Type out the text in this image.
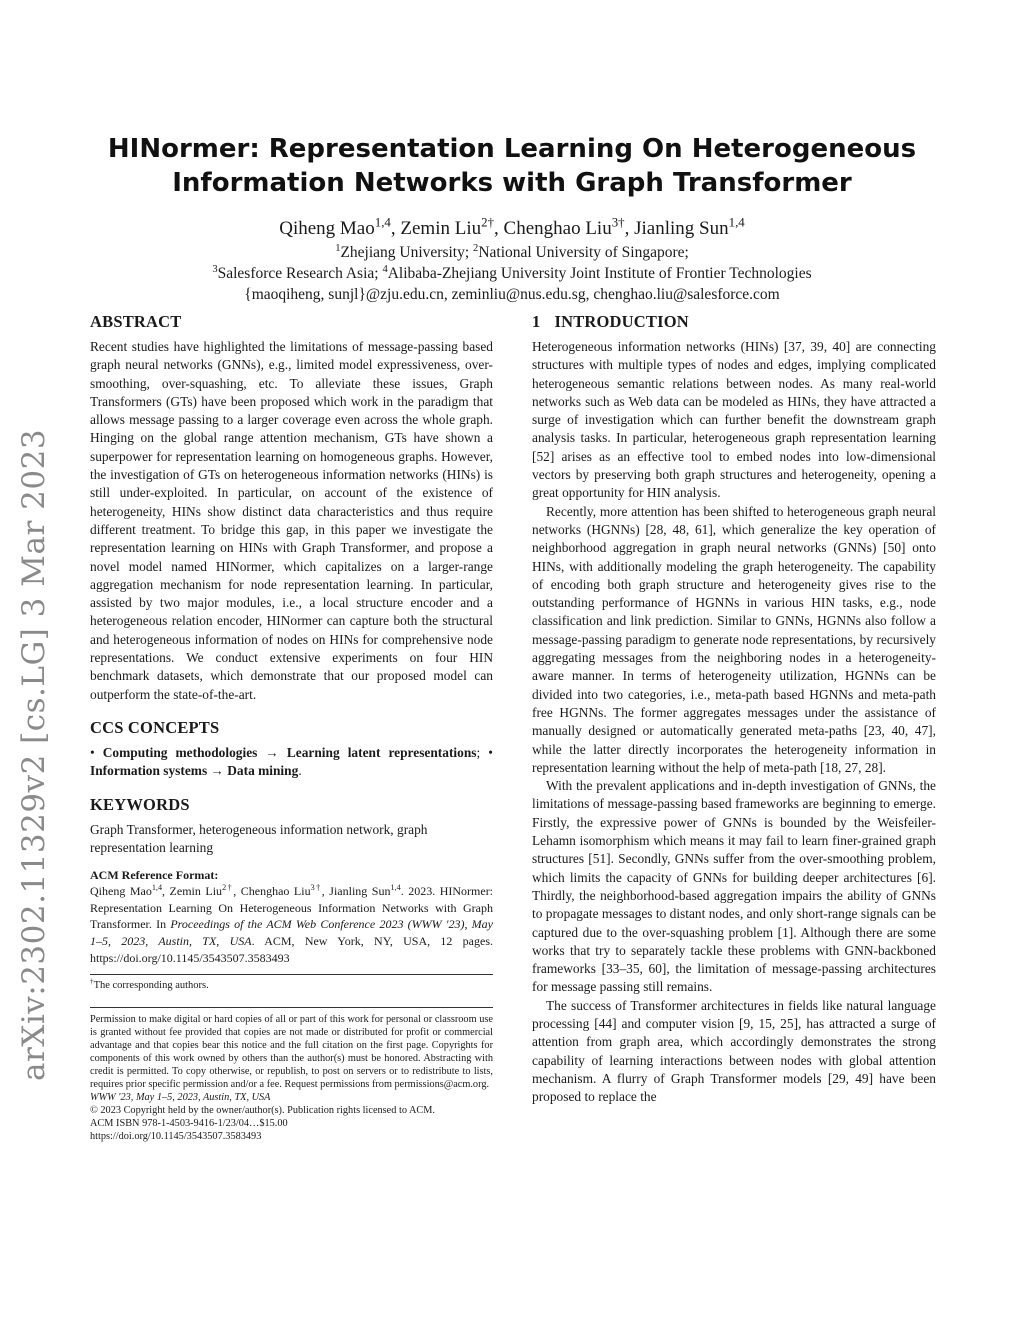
arXiv:2302.11329v2 [cs.LG] 3 Mar 2023
HINormer: Representation Learning On Heterogeneous
Information Networks with Graph Transformer
Qiheng Mao$^{1,4}$, Zemin Liu$^{2\dagger}$, Chenghao Liu$^{3\dagger}$, Jianling Sun$^{1,4}$
$^1$Zhejiang University; $^2$National University of Singapore;
$^3$Salesforce Research Asia; $^4$Alibaba-Zhejiang University Joint Institute of Frontier Technologies
{maoqiheng, sunjl}@zju.edu.cn, zeminliu@nus.edu.sg, chenghao.liu@salesforce.com
ABSTRACT

Recent studies have highlighted the limitations of message-passing based graph neural networks (GNNs), e.g., limited model expressiveness, over-smoothing, over-squashing, etc. To alleviate these issues, Graph Transformers (GTs) have been proposed which work in the paradigm that allows message passing to a larger coverage even across the whole graph. Hinging on the global range attention mechanism, GTs have shown a superpower for representation learning on homogeneous graphs. However, the investigation of GTs on heterogeneous information networks (HINs) is still under-exploited. In particular, on account of the existence of heterogeneity, HINs show distinct data characteristics and thus require different treatment. To bridge this gap, in this paper we investigate the representation learning on HINs with Graph Transformer, and propose a novel model named HINormer, which capitalizes on a larger-range aggregation mechanism for node representation learning. In particular, assisted by two major modules, i.e., a local structure encoder and a heterogeneous relation encoder, HINormer can capture both the structural and heterogeneous information of nodes on HINs for comprehensive node representations. We conduct extensive experiments on four HIN benchmark datasets, which demonstrate that our proposed model can outperform the state-of-the-art.

CCS CONCEPTS

• Computing methodologies → Learning latent representations; • Information systems → Data mining.

KEYWORDS

Graph Transformer, heterogeneous information network, graph representation learning

ACM Reference Format:

Qiheng Mao$^{1,4}$, Zemin Liu$^{2\dagger}$, Chenghao Liu$^{3\dagger}$, Jianling Sun$^{1,4}$. 2023. HINormer: Representation Learning On Heterogeneous Information Networks with Graph Transformer. In Proceedings of the ACM Web Conference 2023 (WWW '23), May 1–5, 2023, Austin, TX, USA. ACM, New York, NY, USA, 12 pages. https://doi.org/10.1145/3543507.3583493

†The corresponding authors.

Permission to make digital or hard copies of all or part of this work for personal or classroom use is granted without fee provided that copies are not made or distributed for profit or commercial advantage and that copies bear this notice and the full citation on the first page. Copyrights for components of this work owned by others than the author(s) must be honored. Abstracting with credit is permitted. To copy otherwise, or republish, to post on servers or to redistribute to lists, requires prior specific permission and/or a fee. Request permissions from permissions@acm.org.

WWW '23, May 1–5, 2023, Austin, TX, USA

© 2023 Copyright held by the owner/author(s). Publication rights licensed to ACM.

ACM ISBN 978-1-4503-9416-1/23/04…$15.00

https://doi.org/10.1145/3543507.3583493

1 INTRODUCTION

Heterogeneous information networks (HINs) [37, 39, 40] are connecting structures with multiple types of nodes and edges, implying complicated heterogeneous semantic relations between nodes. As many real-world networks such as Web data can be modeled as HINs, they have attracted a surge of investigation which can further benefit the downstream graph analysis tasks. In particular, heterogeneous graph representation learning [52] arises as an effective tool to embed nodes into low-dimensional vectors by preserving both graph structures and heterogeneity, opening a great opportunity for HIN analysis.

Recently, more attention has been shifted to heterogeneous graph neural networks (HGNNs) [28, 48, 61], which generalize the key operation of neighborhood aggregation in graph neural networks (GNNs) [50] onto HINs, with additionally modeling the graph heterogeneity. The capability of encoding both graph structure and heterogeneity gives rise to the outstanding performance of HGNNs in various HIN tasks, e.g., node classification and link prediction. Similar to GNNs, HGNNs also follow a message-passing paradigm to generate node representations, by recursively aggregating messages from the neighboring nodes in a heterogeneity-aware manner. In terms of heterogeneity utilization, HGNNs can be divided into two categories, i.e., meta-path based HGNNs and meta-path free HGNNs. The former aggregates messages under the assistance of manually designed or automatically generated meta-paths [23, 40, 47], while the latter directly incorporates the heterogeneity information in representation learning without the help of meta-path [18, 27, 28].

With the prevalent applications and in-depth investigation of GNNs, the limitations of message-passing based frameworks are beginning to emerge. Firstly, the expressive power of GNNs is bounded by the Weisfeiler-Lehamn isomorphism which means it may fail to learn finer-grained graph structures [51]. Secondly, GNNs suffer from the over-smoothing problem, which limits the capacity of GNNs for building deeper architectures [6]. Thirdly, the neighborhood-based aggregation impairs the ability of GNNs to propagate messages to distant nodes, and only short-range signals can be captured due to the over-squashing problem [1]. Although there are some works that try to separately tackle these problems with GNN-backboned frameworks [33–35, 60], the limitation of message-passing architectures for message passing still remains.

The success of Transformer architectures in fields like natural language processing [44] and computer vision [9, 15, 25], has attracted a surge of attention from graph area, which accordingly demonstrates the strong capability of learning interactions between nodes with global attention mechanism. A flurry of Graph Transformer models [29, 49] have been proposed to replace the
